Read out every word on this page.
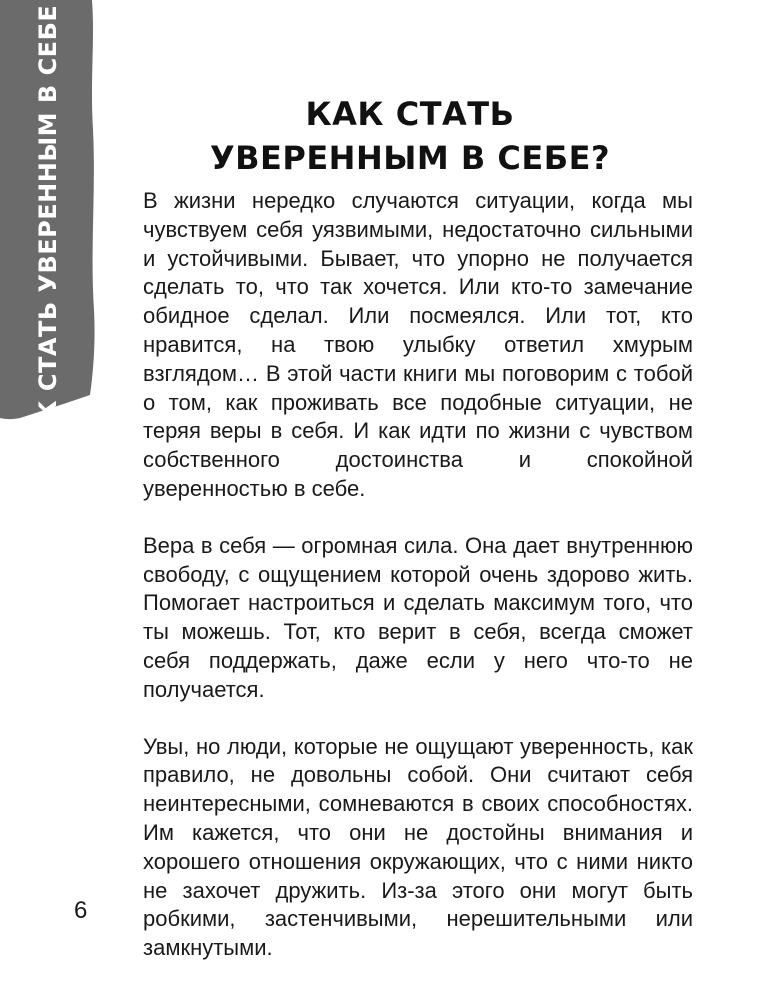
КАК СТАТЬ УВЕРЕННЫМ В СЕБЕ	КАК СТАТЬ
УВЕРЕННЫМ В СЕБЕ?

В жизни нередко случаются ситуации, когда мы чувствуем себя уязвимыми, недостаточно сильными и устойчивыми. Бывает, что упорно не получается сделать то, что так хочется. Или кто-то замечание обидное сделал. Или посмеялся. Или тот, кто нравится, на твою улыбку ответил хмурым взглядом… В этой части книги мы поговорим с тобой о том, как проживать все подобные ситуации, не теряя веры в себя. И как идти по жизни с чувством собственного достоинства и спокойной уверенностью в себе.

Вера в себя — огромная сила. Она дает внутреннюю свободу, с ощущением которой очень здорово жить. Помогает настроиться и сделать максимум того, что ты можешь. Тот, кто верит в себя, всегда сможет себя поддержать, даже если у него что-то не получается.

Увы, но люди, которые не ощущают уверенность, как правило, не довольны собой. Они считают себя неинтересными, сомневаются в своих способностях. Им кажется, что они не достойны внимания и хорошего отношения окружающих, что с ними никто не захочет дружить. Из-за этого они могут быть робкими, застенчивыми, нерешительными или замкнутыми.

6
